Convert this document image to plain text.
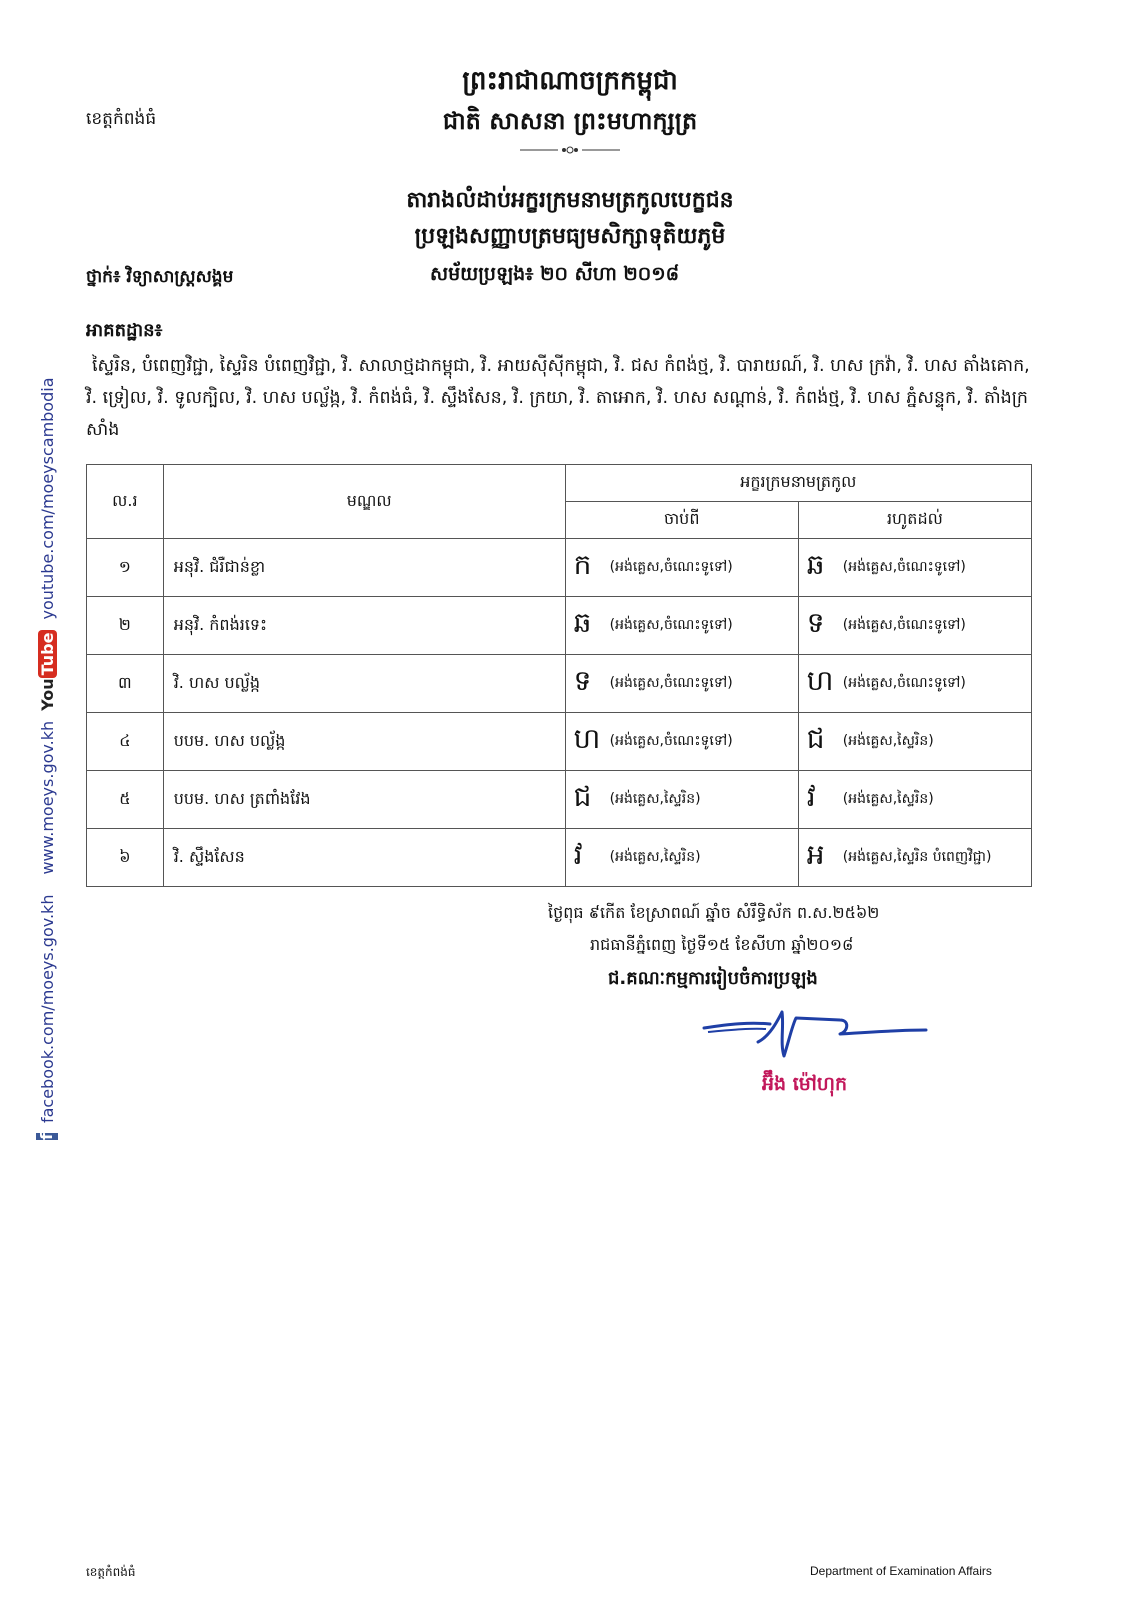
ព្រះរាជាណាចក្រកម្ពុជា
ជាតិ សាសនា ព្រះមហាក្សត្រ
ខេត្តកំពង់ធំ
តារាងលំដាប់អក្ខរក្រមនាមត្រកូលបេក្ខជន
ប្រឡងសញ្ញាបត្រមធ្យមសិក្សាទុតិយភូមិ
ថ្នាក់៖ វិទ្យាសាស្ត្រសង្គម	សម័យប្រឡង៖ ២០ សីហា ២០១៨
អាគតដ្ឋាន៖
ស្ទៃរិន, បំពេញវិជ្ជា, ស្ទៃរិន បំពេញវិជ្ជា, វិ. សាលាថ្មដាកម្ពុជា, វិ. អាយស៊ីស៊ីកម្ពុជា, វិ. ជស កំពង់ថ្ម, វិ. បារាយណ៍, វិ. ហស ក្រវ៉ា, វិ. ហស តាំងគោក, វិ. ទ្រៀល, វិ. ទូលក្បិល, វិ. ហស បល្ល័ង្ក, វិ. កំពង់ធំ, វិ. ស្ទឹងសែន, វិ. ក្រយា, វិ. តាអោក, វិ. ហស សណ្ដាន់, វិ. កំពង់ថ្ម, វិ. ហស ភ្នំសន្ទុក, វិ. តាំងក្រសាំង
ល.រ	មណ្ឌល	អក្ខរក្រមនាមត្រកូល	
		ចាប់ពី	រហូតដល់
១	អនុវិ. ជំរឺជាន់ខ្លា	ក (អង់គ្លេស,ចំណេះទូទៅ)	ឆ (អង់គ្លេស,ចំណេះទូទៅ)

២	អនុវិ. កំពង់រទេះ	ឆ (អង់គ្លេស,ចំណេះទូទៅ)	ទ (អង់គ្លេស,ចំណេះទូទៅ)

៣	វិ. ហស បល្ល័ង្ក	ទ (អង់គ្លេស,ចំណេះទូទៅ)	ហ (អង់គ្លេស,ចំណេះទូទៅ)

៤	បបម. ហស បល្ល័ង្ក	ហ (អង់គ្លេស,ចំណេះទូទៅ)	ជ (អង់គ្លេស,ស្ទៃរិន)

៥	បបម. ហស ត្រពាំងវែង	ជ (អង់គ្លេស,ស្ទៃរិន)	វ (អង់គ្លេស,ស្ទៃរិន)

៦	វិ. ស្ទឹងសែន	វ (អង់គ្លេស,ស្ទៃរិន)	អ (អង់គ្លេស,ស្ទៃរិន បំពេញវិជ្ជា)
ថ្ងៃពុធ ៩កើត ខែស្រាពណ៍ ឆ្នាំច សំរឹទ្ធិស័ក ព.ស.២៥៦២
រាជធានីភ្នំពេញ ថ្ងៃទី១៥ ខែសីហា ឆ្នាំ២០១៨
ជ.គណៈកម្មការរៀបចំការប្រឡង
អ៊ឹង ម៉ៅហុក
f
facebook.com/moeys.gov.kh
www.moeys.gov.kh
YouTube
youtube.com/moeyscambodia
ខេត្តកំពង់ធំ	Department of Examination Affairs
